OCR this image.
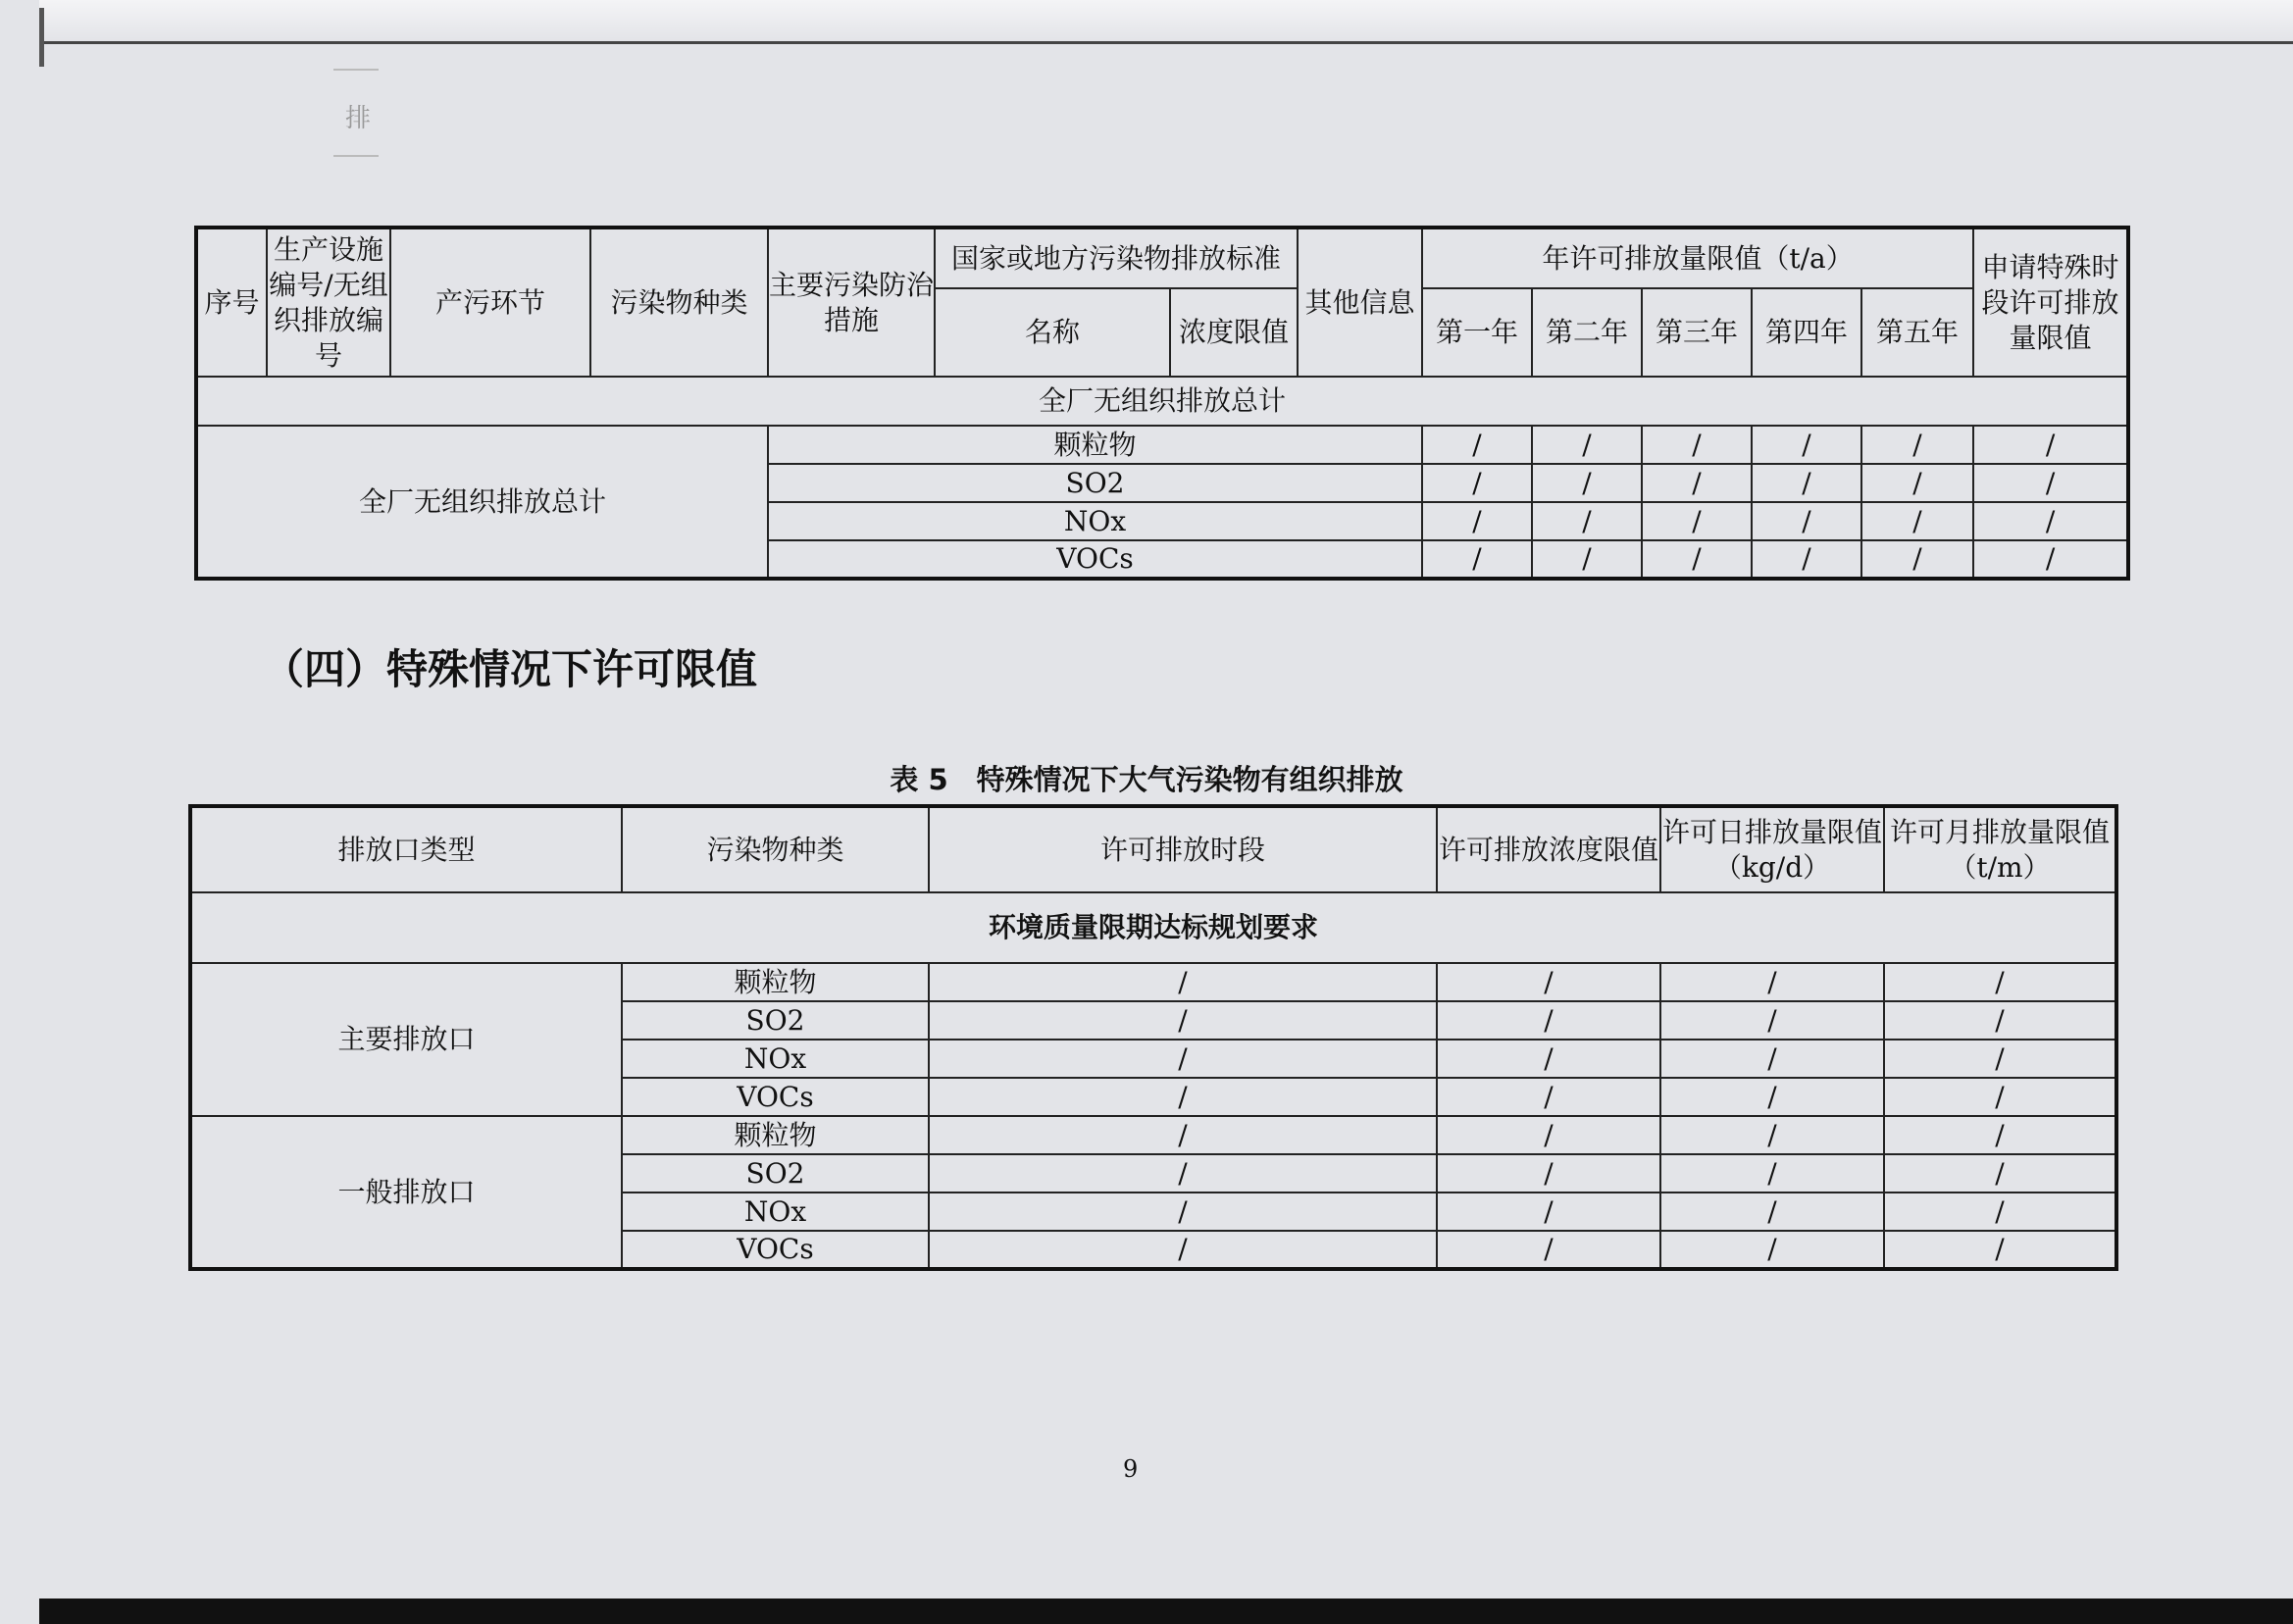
排
序号	生产设施编号/无组织排放编号	产污环节	污染物种类	主要污染防治措施	国家或地方污染物排放标准		其他信息	年许可排放量限值（t/a）					申请特殊时段许可排放量限值
					名称	浓度限值		第一年	第二年	第三年	第四年	第五年	
全厂无组织排放总计													
全厂无组织排放总计				颗粒物				/	/	/	/	/	/
				SO2				/	/	/	/	/	/
				NOx				/	/	/	/	/	/
				VOCs				/	/	/	/	/	/
（四）特殊情况下许可限值
表 5　特殊情况下大气污染物有组织排放
排放口类型	污染物种类	许可排放时段	许可排放浓度限值	许可日排放量限值（kg/d）	许可月排放量限值（t/m）
环境质量限期达标规划要求					
主要排放口	颗粒物	/	/	/	/
	SO2	/	/	/	/
	NOx	/	/	/	/
	VOCs	/	/	/	/
一般排放口	颗粒物	/	/	/	/
	SO2	/	/	/	/
	NOx	/	/	/	/
	VOCs	/	/	/	/
9
